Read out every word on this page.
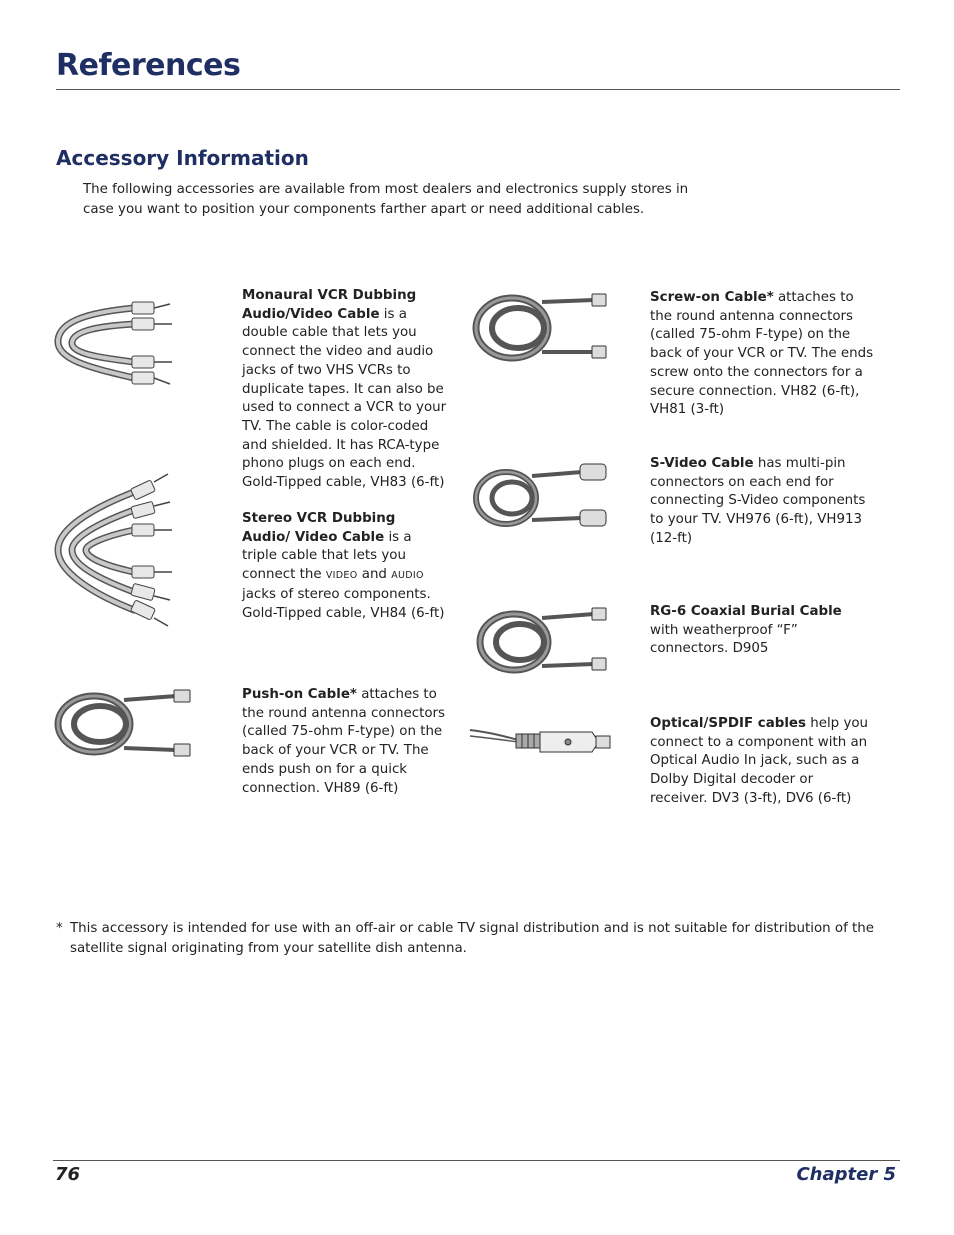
References
Accessory Information

The following accessories are available from most dealers and electronics supply stores in case you want to position your components farther apart or need additional cables.

Monaural VCR Dubbing Audio/Video Cable is a double cable that lets you connect the video and audio jacks of two VHS VCRs to duplicate tapes. It can also be used to connect a VCR to your TV. The cable is color-coded and shielded. It has RCA-type phono plugs on each end. Gold-Tipped cable, VH83 (6-ft)

Stereo VCR Dubbing Audio/ Video Cable is a triple cable that lets you connect the VIDEO and AUDIO jacks of stereo components. Gold-Tipped cable, VH84 (6-ft)

Push-on Cable* attaches to the round antenna connectors (called 75-ohm F-type) on the back of your VCR or TV. The ends push on for a quick connection. VH89 (6-ft)

Screw-on Cable* attaches to the round antenna connectors (called 75-ohm F-type) on the back of your VCR or TV. The ends screw onto the connectors for a secure connection. VH82 (6-ft), VH81 (3-ft)

S-Video Cable has multi-pin connectors on each end for connecting S-Video components to your TV. VH976 (6-ft), VH913 (12-ft)

RG-6 Coaxial Burial Cable with weatherproof “F” connectors. D905

Optical/SPDIF cables help you connect to a component with an Optical Audio In jack, such as a Dolby Digital decoder or receiver. DV3 (3-ft), DV6 (6-ft)

* This accessory is intended for use with an off-air or cable TV signal distribution and is not suitable for distribution of the satellite signal originating from your satellite dish antenna.

76	Chapter 5
